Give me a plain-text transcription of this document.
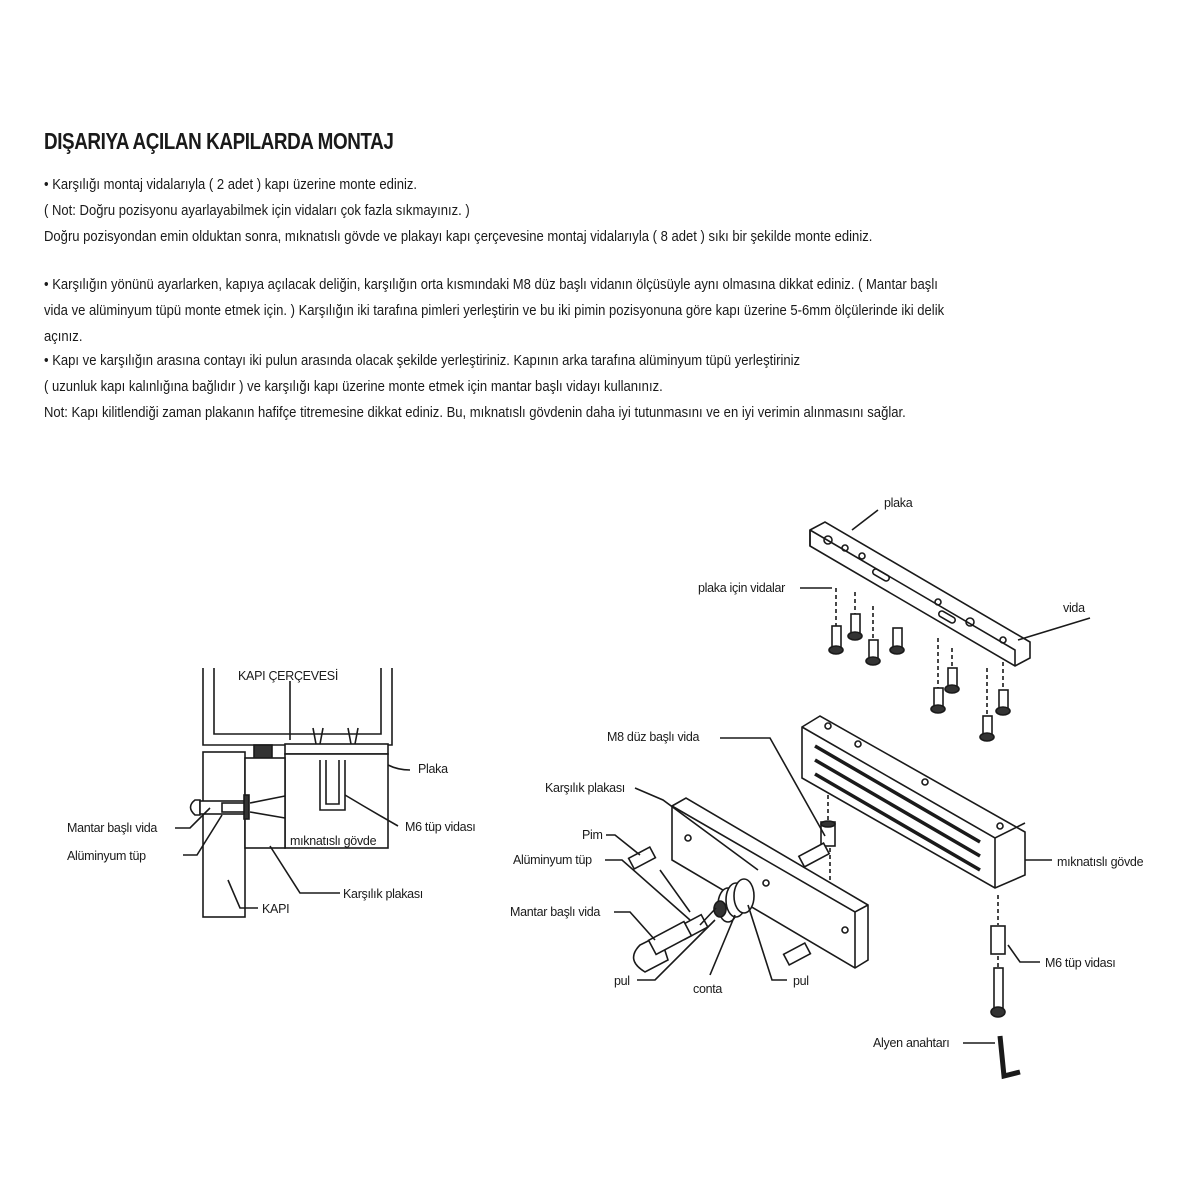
DIŞARIYA AÇILAN KAPILARDA MONTAJ
• Karşılığı montaj vidalarıyla ( 2 adet ) kapı üzerine monte ediniz.
( Not: Doğru pozisyonu ayarlayabilmek için vidaları çok fazla sıkmayınız. )
Doğru pozisyondan emin olduktan sonra, mıknatıslı gövde ve plakayı kapı çerçevesine montaj vidalarıyla ( 8 adet ) sıkı bir şekilde monte ediniz.
• Karşılığın yönünü ayarlarken, kapıya açılacak deliğin, karşılığın orta kısmındaki M8 düz başlı vidanın ölçüsüyle aynı olmasına dikkat ediniz. ( Mantar başlı
vida ve alüminyum tüpü monte etmek için. ) Karşılığın iki tarafına pimleri yerleştirin ve bu iki pimin pozisyonuna göre kapı üzerine 5-6mm ölçülerinde iki delik
açınız.
• Kapı ve karşılığın arasına contayı iki pulun arasında olacak şekilde yerleştiriniz. Kapının arka tarafına alüminyum tüpü yerleştiriniz
( uzunluk kapı kalınlığına bağlıdır ) ve karşılığı kapı üzerine monte etmek için mantar başlı vidayı kullanınız.
Not: Kapı kilitlendiği zaman plakanın hafifçe titremesine dikkat ediniz. Bu, mıknatıslı gövdenin daha iyi tutunmasını ve en iyi verimin alınmasını sağlar.
KAPI ÇERÇEVESİ
Plaka
M6 tüp vidası
mıknatıslı gövde
Mantar başlı vida
Alüminyum tüp
Karşılık plakası
KAPI
plaka
plaka için vidalar
vida
M8 düz başlı vida
Karşılık plakası
Pim
Alüminyum tüp
Mantar başlı vida
pul
conta
pul
mıknatıslı gövde
M6 tüp vidası
Alyen anahtarı
